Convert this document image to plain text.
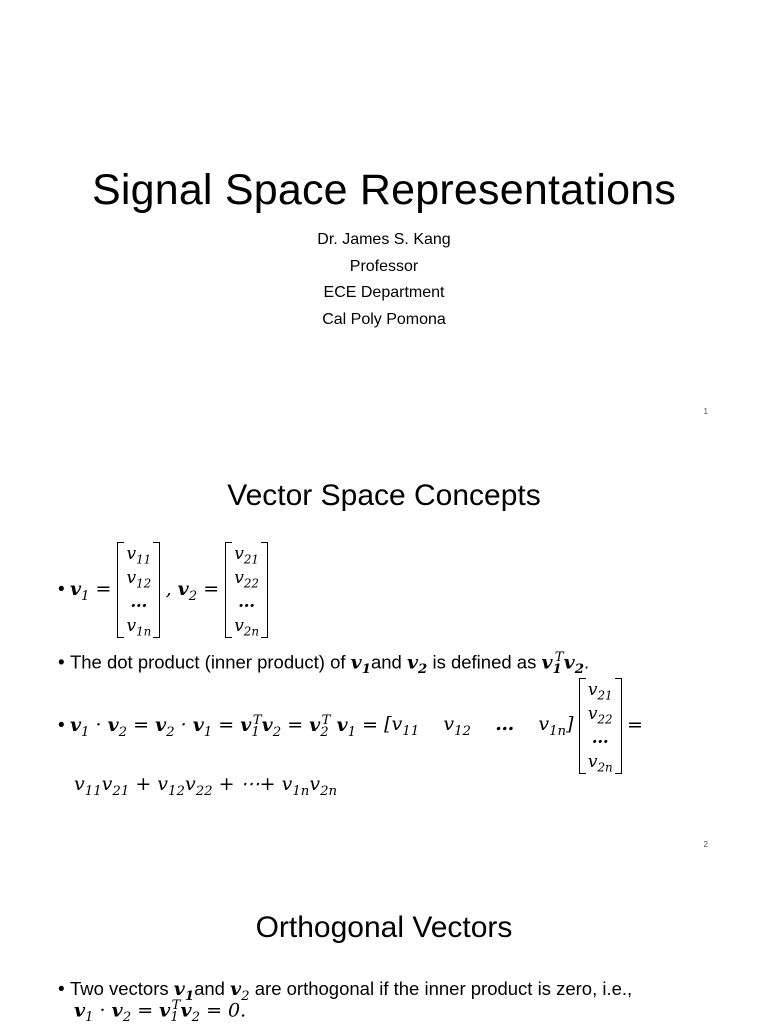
Signal Space Representations
Dr. James S. Kang
Professor
ECE Department
Cal Poly Pomona
1
Vector Space Concepts
• $v_1$ =
$v_{11}$
$v_{12}$
…
$v_{1n}$
, $v_2$ =
$v_{21}$
$v_{22}$
…
$v_{2n}$
• The dot product (inner product) of $v_1and$ $v_2$ is defined as $v_1^Tv_2$.
• $v_1 \cdot v_2 = v_2 \cdot v_1 = v_1^Tv_2 = v_2^T$ $v_1 = [v_{11}$    $v_{12}$ …    $v_{1n}$]
$v_{21}$
$v_{22}$
…
$v_{2n}$
=
$v_{11}v_{21} + v_{12}v_{22}$ + ⋯+ $v_{1n}v_{2n}$
2
Orthogonal Vectors
• Two vectors $v_1and$ $v_2$ are orthogonal if the inner product is zero, i.e.,
$v_1 \cdot v_2 = v_1^Tv_2 = 0$.
